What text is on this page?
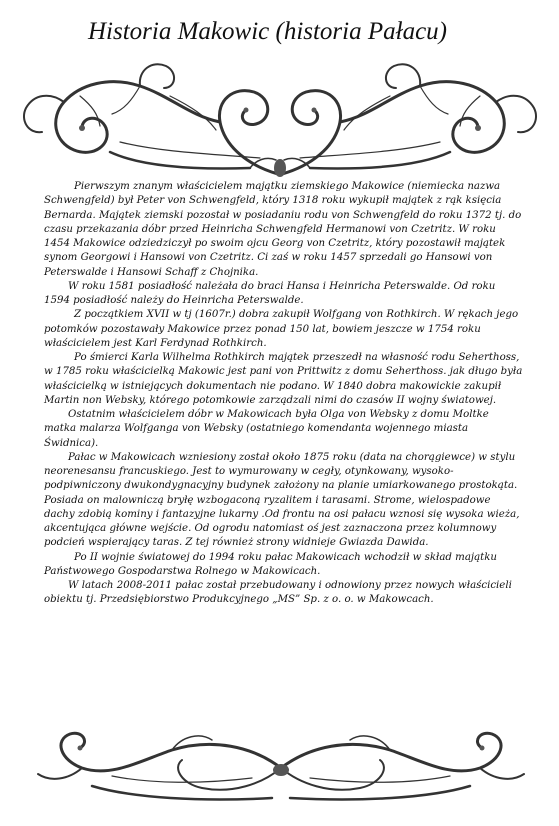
Historia Makowic (historia Pałacu)

Pierwszym znanym właścicielem majątku ziemskiego Makowice (niemiecka nazwa Schwengfeld) był Peter von Schwengfeld, który 1318 roku wykupił majątek z rąk księcia Bernarda. Majątek ziemski pozostał w posiadaniu rodu von Schwengfeld do roku 1372 tj. do czasu przekazania dóbr przed Heinricha Schwengfeld Hermanowi von Czetritz. W roku 1454 Makowice odziedziczył po swoim ojcu Georg von Czetritz, który pozostawił majątek synom Georgowi i Hansowi von Czetritz. Ci zaś w roku 1457 sprzedali go Hansowi von Peterswalde i Hansowi Schaff z Chojnika.

W roku 1581 posiadłość należała do braci Hansa i Heinricha Peterswalde. Od roku 1594 posiadłość należy do Heinricha Peterswalde.

Z początkiem XVII w tj (1607r.) dobra zakupił Wolfgang von Rothkirch. W rękach jego potomków pozostawały Makowice przez ponad 150 lat, bowiem jeszcze w 1754 roku właścicielem jest Karl Ferdynad Rothkirch.

Po śmierci Karla Wilhelma Rothkirch majątek przeszedł na własność rodu Seherthoss, w 1785 roku właścicielką Makowic jest pani von Prittwitz z domu Seherthoss. jak długo była właścicielką w istniejących dokumentach nie podano. W 1840 dobra makowickie zakupił Martin non Websky, którego potomkowie zarządzali nimi do czasów II wojny światowej.

Ostatnim właścicielem dóbr w Makowicach była Olga von Websky z domu Moltke matka malarza Wolfganga von Websky (ostatniego komendanta wojennego miasta Świdnica).

Pałac w Makowicach wzniesiony został około 1875 roku (data na chorągiewce) w stylu neorenesansu francuskiego. Jest to wymurowany w cegły, otynkowany, wysoko-podpiwniczony dwukondygnacyjny budynek założony na planie umiarkowanego prostokąta. Posiada on malowniczą bryłę wzbogaconą ryzalitem i tarasami. Strome, wielospadowe dachy zdobią kominy i fantazyjne lukarny .Od frontu na osi pałacu wznosi się wysoka wieża, akcentująca główne wejście. Od ogrodu natomiast oś jest zaznaczona przez kolumnowy podcień wspierający taras. Z tej również strony widnieje Gwiazda Dawida.

Po II wojnie światowej do 1994 roku pałac Makowicach wchodził w skład majątku Państwowego Gospodarstwa Rolnego w Makowicach.

W latach 2008-2011 pałac został przebudowany i odnowiony przez nowych właścicieli obiektu tj. Przedsiębiorstwo Produkcyjnego „MS” Sp. z o. o. w Makowcach.
